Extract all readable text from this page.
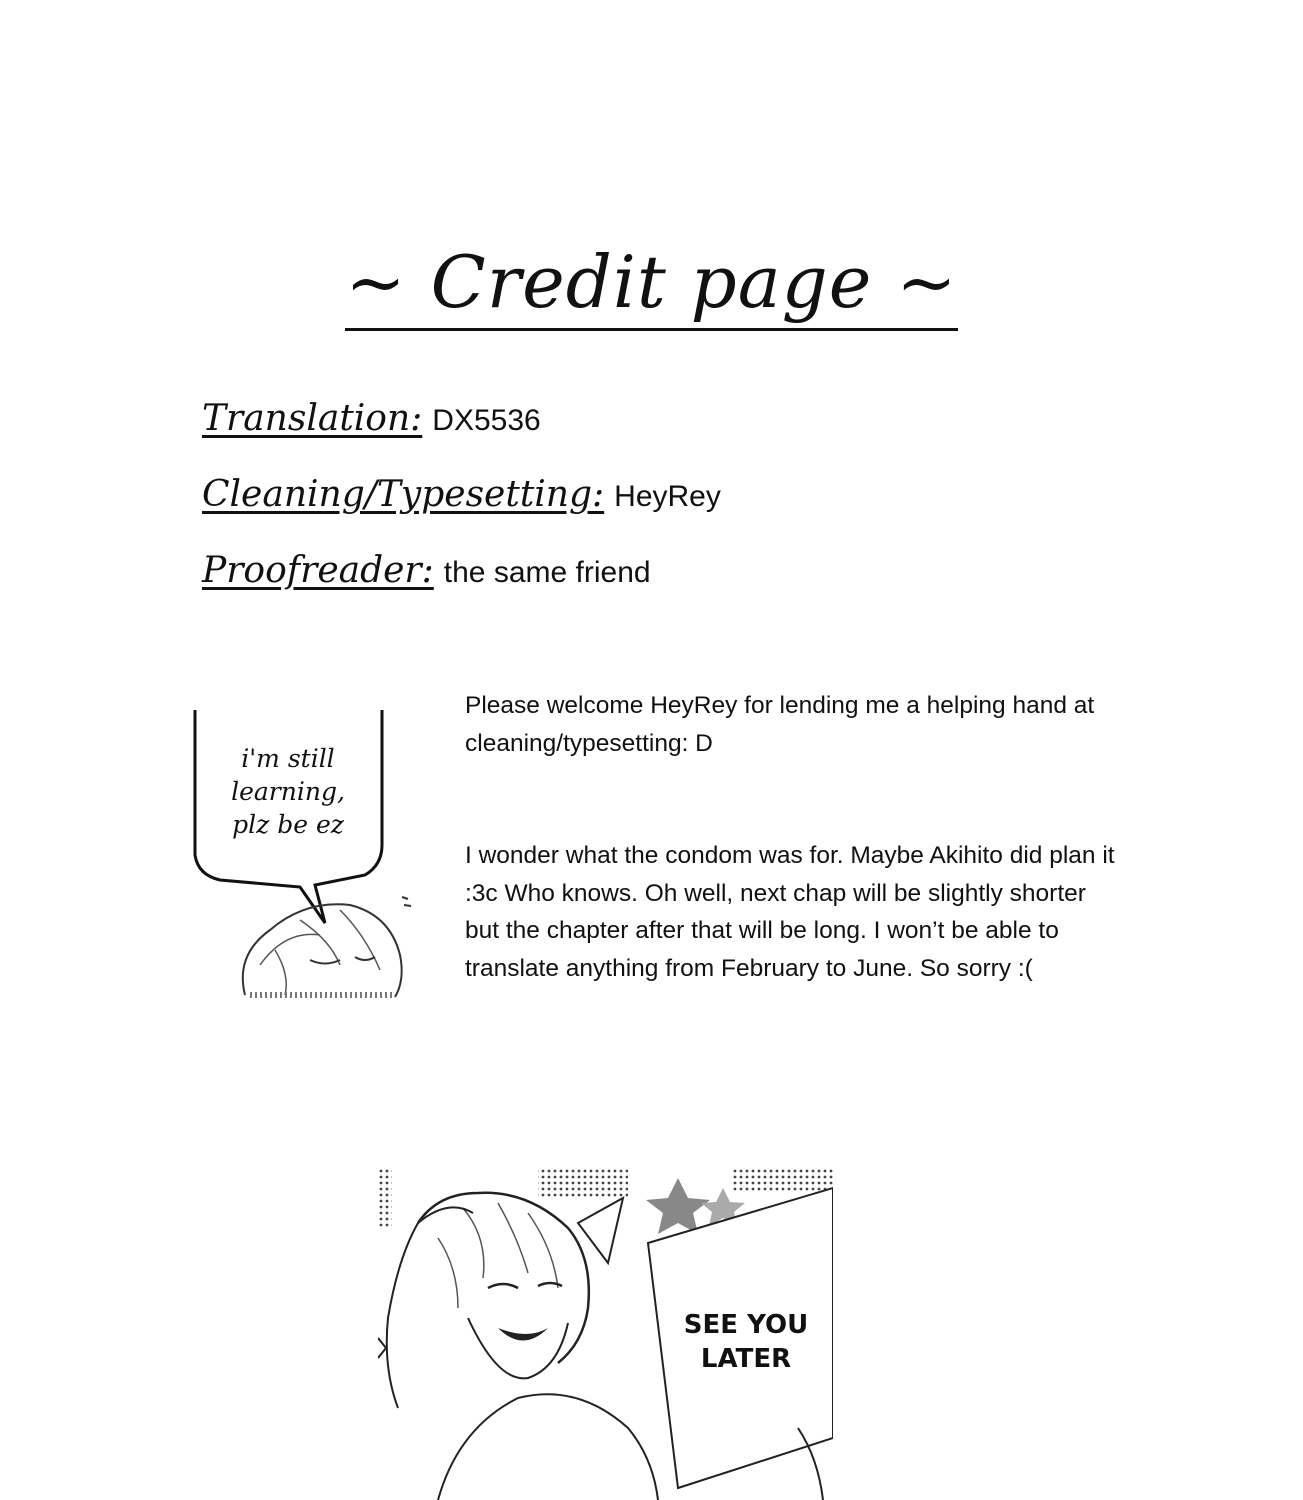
~ Credit page ~
Translation: DX5536
Cleaning/Typesetting: HeyRey
Proofreader: the same friend
i'm still
learning,
plz be ez
Please welcome HeyRey for lending me a helping hand at cleaning/typesetting: D
I wonder what the condom was for. Maybe Akihito did plan it :3c Who knows. Oh well, next chap will be slightly shorter but the chapter after that will be long. I won’t be able to translate anything from February to June. So sorry :(
SEE YOU
LATER
